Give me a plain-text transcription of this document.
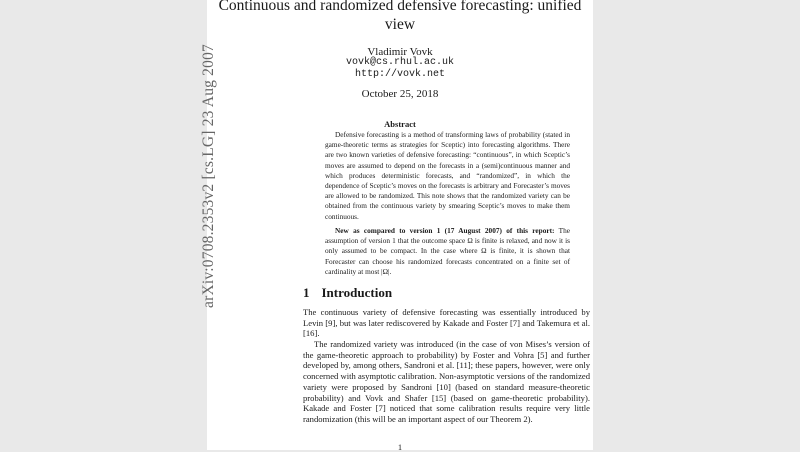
arXiv:0708.2353v2 [cs.LG] 23 Aug 2007
Continuous and randomized defensive forecasting: unified view
Vladimir Vovk
vovk@cs.rhul.ac.uk
http://vovk.net
October 25, 2018
Abstract
Defensive forecasting is a method of transforming laws of probability (stated in game-theoretic terms as strategies for Sceptic) into forecasting algorithms. There are two known varieties of defensive forecasting: “continuous”, in which Sceptic’s moves are assumed to depend on the forecasts in a (semi)continuous manner and which produces deterministic forecasts, and “randomized”, in which the dependence of Sceptic’s moves on the forecasts is arbitrary and Forecaster’s moves are allowed to be randomized. This note shows that the randomized variety can be obtained from the continuous variety by smearing Sceptic’s moves to make them continuous.
New as compared to version 1 (17 August 2007) of this report: The assumption of version 1 that the outcome space Ω is finite is relaxed, and now it is only assumed to be compact. In the case where Ω is finite, it is shown that Forecaster can choose his randomized forecasts concentrated on a finite set of cardinality at most |Ω|.
1 Introduction
The continuous variety of defensive forecasting was essentially introduced by Levin [9], but was later rediscovered by Kakade and Foster [7] and Takemura et al. [16].
The randomized variety was introduced (in the case of von Mises’s version of the game-theoretic approach to probability) by Foster and Vohra [5] and further developed by, among others, Sandroni et al. [11]; these papers, however, were only concerned with asymptotic calibration. Non-asymptotic versions of the randomized variety were proposed by Sandroni [10] (based on standard measure-theoretic probability) and Vovk and Shafer [15] (based on game-theoretic probability). Kakade and Foster [7] noticed that some calibration results require very little randomization (this will be an important aspect of our Theorem 2).
1
